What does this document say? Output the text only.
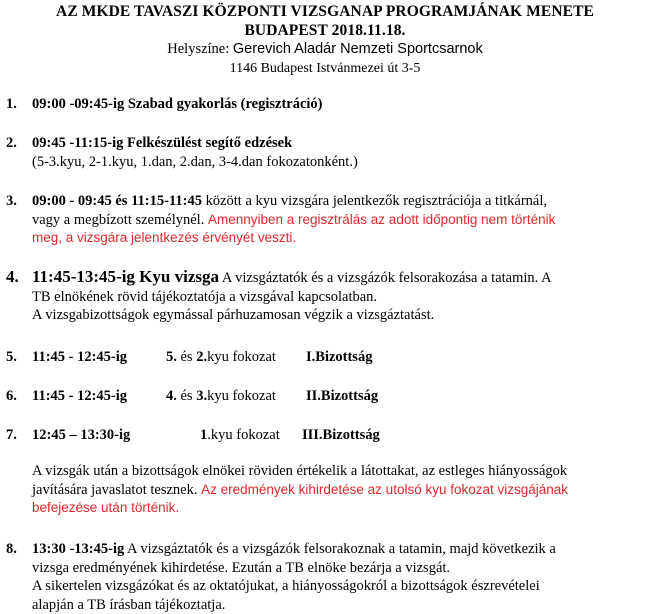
AZ MKDE TAVASZI KÖZPONTI VIZSGANAP PROGRAMJÁNAK MENETE
BUDAPEST 2018.11.18.
Helyszíne: Gerevich Aladár Nemzeti Sportcsarnok
1146 Budapest Istvánmezei út 3-5
1. 09:00 -09:45-ig Szabad gyakorlás (regisztráció)
2. 09:45 -11:15-ig Felkészülést segítő edzések
(5-3.kyu, 2-1.kyu, 1.dan, 2.dan, 3-4.dan fokozatonként.)
3. 09:00 - 09:45 és 11:15-11:45 között a kyu vizsgára jelentkezők regisztrációja a titkárnál,
vagy a megbízott személynél. Amennyiben a regisztrálás az adott időpontig nem történik
meg, a vizsgára jelentkezés érvényét veszti.
4. 11:45-13:45-ig Kyu vizsga A vizsgáztatók és a vizsgázók felsorakozása a tatamin. A
TB elnökének rövid tájékoztatója a vizsgával kapcsolatban.
A vizsgabizottságok egymással párhuzamosan végzik a vizsgáztatást.
5. 11:45 - 12:45-ig	5. és 2.kyu fokozat I.Bizottság
6. 11:45 - 12:45-ig	4. és 3.kyu fokozat II.Bizottság
7. 12:45 – 13:30-ig	1.kyu fokozat III.Bizottság
A vizsgák után a bizottságok elnökei röviden értékelik a látottakat, az estleges hiányosságok
javítására javaslatot tesznek. Az eredmények kihirdetése az utolsó kyu fokozat vizsgájának
befejezése után történik.
8. 13:30 -13:45-ig A vizsgáztatók és a vizsgázók felsorakoznak a tatamin, majd következik a
vizsga eredményének kihirdetése. Ezután a TB elnöke bezárja a vizsgát.
A sikertelen vizsgázókat és az oktatójukat, a hiányosságokról a bizottságok észrevételei
alapján a TB írásban tájékoztatja.
